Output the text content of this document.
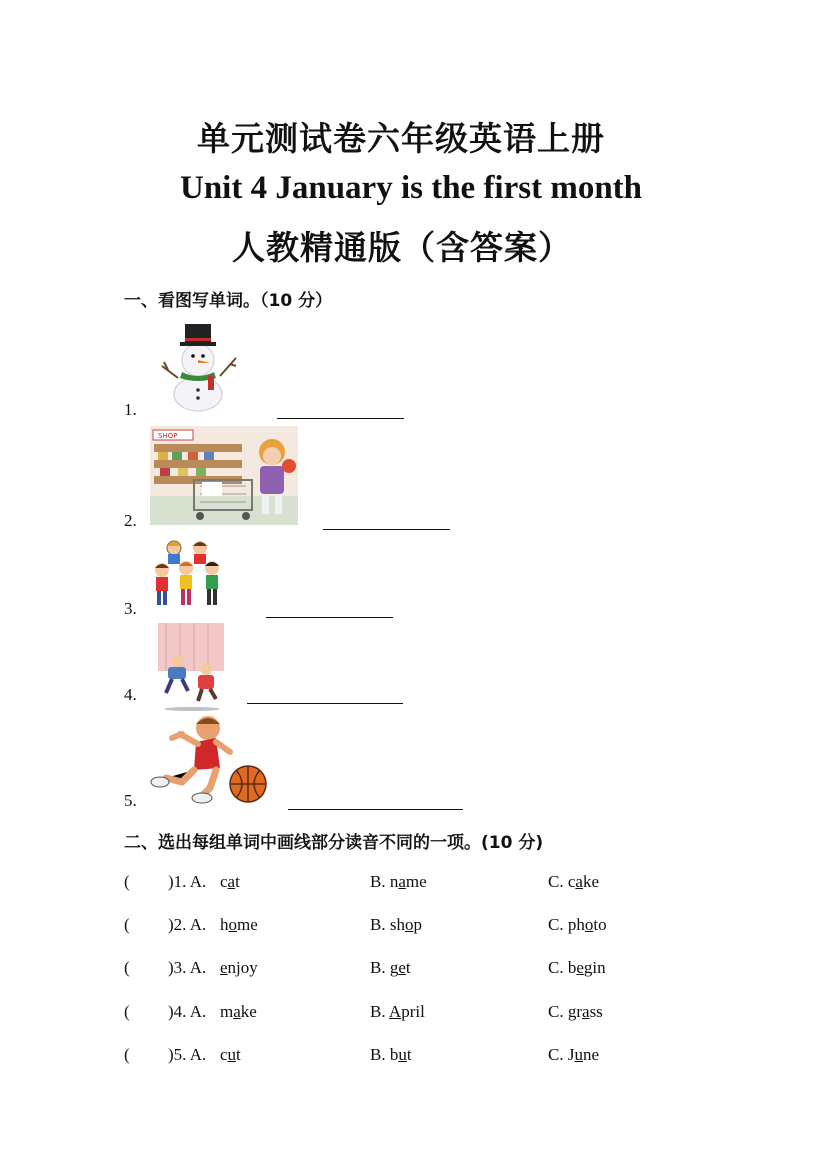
单元测试卷六年级英语上册
Unit 4 January is the first month
人教精通版（含答案）
一、看图写单词。（10 分）
1.
2.
SHOP
3.
4.
5.
二、选出每组单词中画线部分读音不同的一项。(10 分)
( )1. A. cat	B. name	C. cake
( )2. A. home	B. shop	C. photo
( )3. A. enjoy	B. get	C. begin
( )4. A. make	B. April	C. grass
( )5. A. cut	B. but	C. June
